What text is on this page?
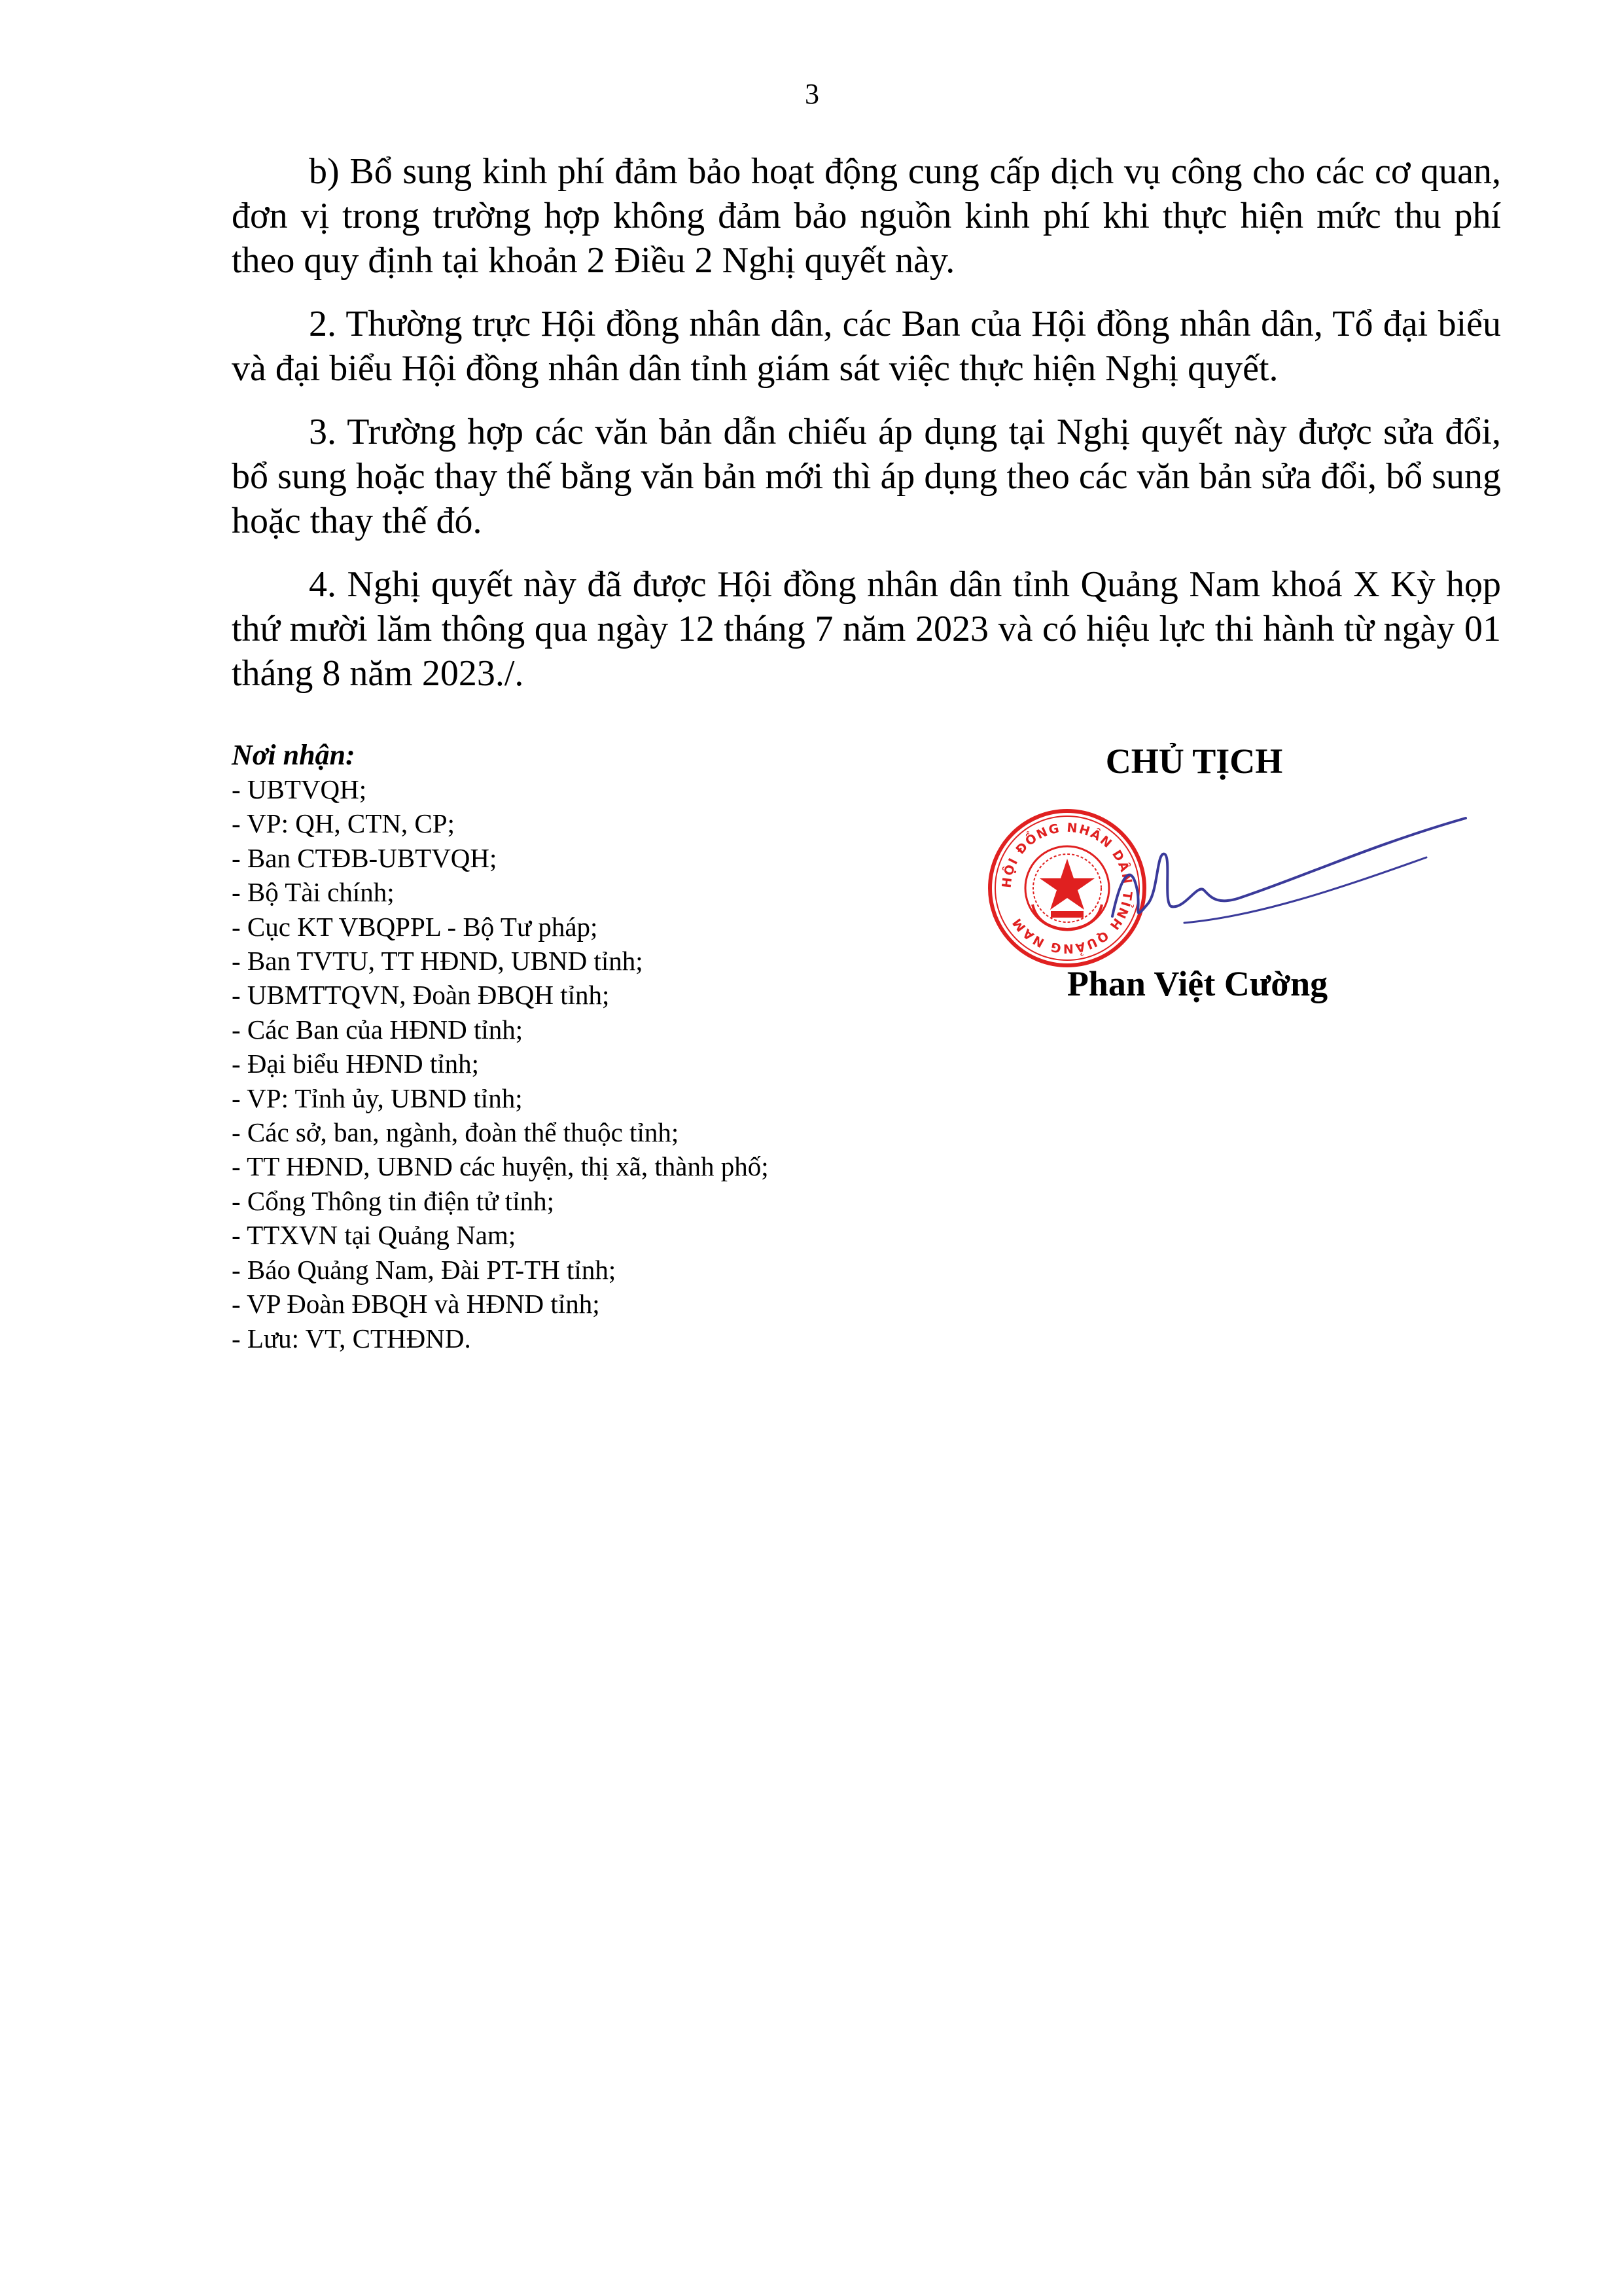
3

b) Bổ sung kinh phí đảm bảo hoạt động cung cấp dịch vụ công cho các cơ quan, đơn vị trong trường hợp không đảm bảo nguồn kinh phí khi thực hiện mức thu phí theo quy định tại khoản 2 Điều 2 Nghị quyết này.

2. Thường trực Hội đồng nhân dân, các Ban của Hội đồng nhân dân, Tổ đại biểu và đại biểu Hội đồng nhân dân tỉnh giám sát việc thực hiện Nghị quyết.

3. Trường hợp các văn bản dẫn chiếu áp dụng tại Nghị quyết này được sửa đổi, bổ sung hoặc thay thế bằng văn bản mới thì áp dụng theo các văn bản sửa đổi, bổ sung hoặc thay thế đó.

4. Nghị quyết này đã được Hội đồng nhân dân tỉnh Quảng Nam khoá X Kỳ họp thứ mười lăm thông qua ngày 12 tháng 7 năm 2023 và có hiệu lực thi hành từ ngày 01 tháng 8 năm 2023./.

Nơi nhận:
- UBTVQH;
- VP: QH, CTN, CP;
- Ban CTĐB-UBTVQH;
- Bộ Tài chính;
- Cục KT VBQPPL - Bộ Tư pháp;
- Ban TVTU, TT HĐND, UBND tỉnh;
- UBMTTQVN, Đoàn ĐBQH tỉnh;
- Các Ban của HĐND tỉnh;
- Đại biểu HĐND tỉnh;
- VP: Tỉnh ủy, UBND tỉnh;
- Các sở, ban, ngành, đoàn thể thuộc tỉnh;
- TT HĐND, UBND các huyện, thị xã, thành phố;
- Cổng Thông tin điện tử tỉnh;
- TTXVN tại Quảng Nam;
- Báo Quảng Nam, Đài PT-TH tỉnh;
- VP Đoàn ĐBQH và HĐND tỉnh;
- Lưu: VT, CTHĐND.
CHỦ TỊCH
HỘI ĐỒNG NHÂN DÂN TỈNH QUẢNG NAM
Phan Việt Cường
